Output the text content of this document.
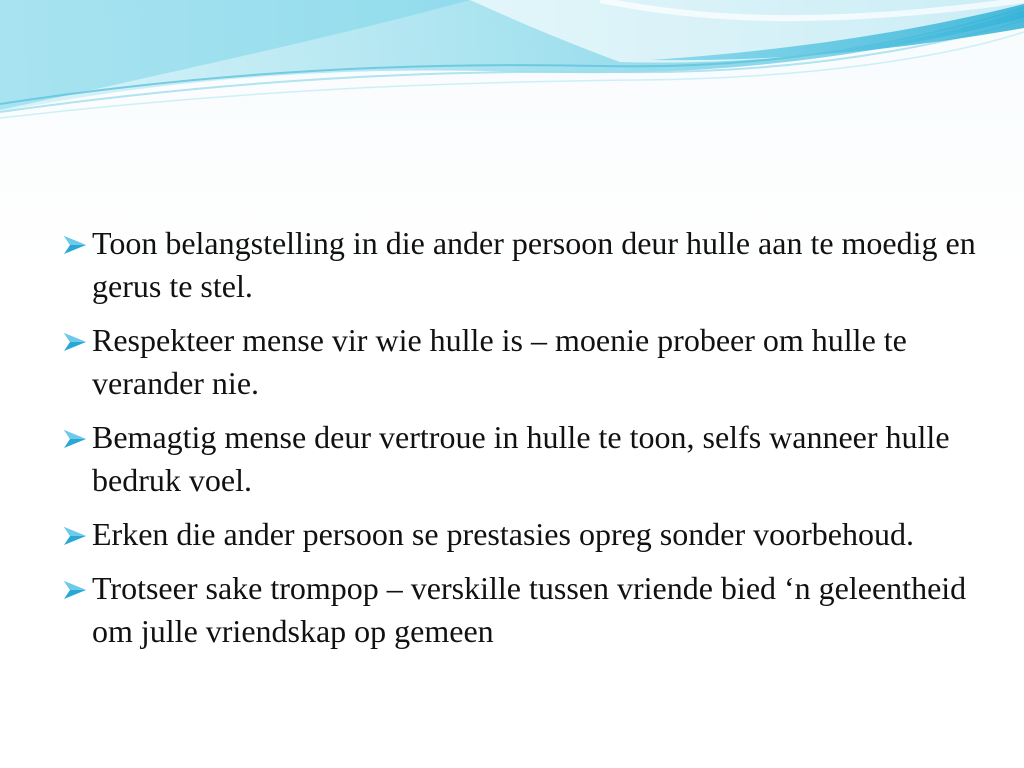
Toon belangstelling in die ander persoon deur hulle aan te moedig en gerus te stel.
Respekteer mense vir wie hulle is – moenie probeer om hulle te verander nie.
Bemagtig mense deur vertroue in hulle te toon, selfs wanneer hulle bedruk voel.
Erken die ander persoon se prestasies opreg sonder voorbehoud.
Trotseer sake trompop – verskille tussen vriende bied ‘n geleentheid om julle vriendskap op gemeen
